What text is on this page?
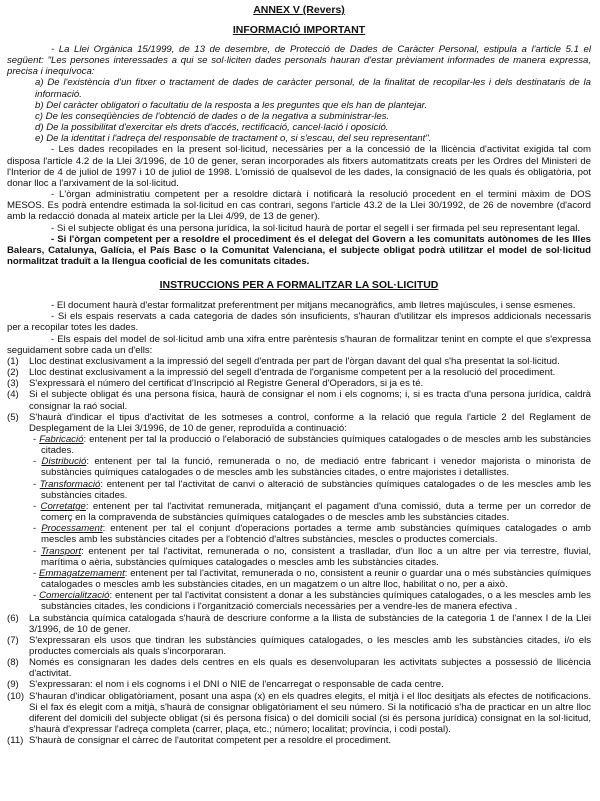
ANNEX V (Revers)

INFORMACIÓ IMPORTANT

- La Llei Orgànica 15/1999, de 13 de desembre, de Protecció de Dades de Caràcter Personal, estipula a l'article 5.1 el següent: "Les persones interessades a qui se sol·liciten dades personals hauran d'estar prèviament informades de manera expressa, precisa i inequívoca:

a) De l'existència d'un fitxer o tractament de dades de caràcter personal, de la finalitat de recopilar-les i dels destinataris de la informació.

b) Del caràcter obligatori o facultatiu de la resposta a les preguntes que els han de plantejar.

c) De les conseqüències de l'obtenció de dades o de la negativa a subministrar-les.

d) De la possibilitat d'exercitar els drets d'accés, rectificació, cancel·lació i oposició.

e) De la identitat i l'adreça del responsable de tractament o, si s'escau, del seu representant".

- Les dades recopilades en la present sol·licitud, necessàries per a la concessió de la llicència d'activitat exigida tal com disposa l'article 4.2 de la Llei 3/1996, de 10 de gener, seran incorporades als fitxers automatitzats creats per les Ordres del Ministeri de l'Interior de 4 de juliol de 1997 i 10 de juliol de 1998. L'omissió de qualsevol de les dades, la consignació de les quals és obligatòria, pot donar lloc a l'arxivament de la sol·licitud.

- L'òrgan administratiu competent per a resoldre dictarà i notificarà la resolució procedent en el termini màxim de DOS MESOS. Es podrà entendre estimada la sol·licitud en cas contrari, segons l'article 43.2 de la Llei 30/1992, de 26 de novembre (d'acord amb la redacció donada al mateix article per la Llei 4/99, de 13 de gener).

- Si el subjecte obligat és una persona jurídica, la sol·licitud haurà de portar el segell i ser firmada pel seu representant legal.

- Si l'òrgan competent per a resoldre el procediment és el delegat del Govern a les comunitats autònomes de les Illes Balears, Catalunya, Galícia, el País Basc o la Comunitat Valenciana, el subjecte obligat podrà utilitzar el model de sol·licitud normalitzat traduït a la llengua cooficial de les comunitats citades.

INSTRUCCIONS PER A FORMALITZAR LA SOL·LICITUD

- El document haurà d'estar formalitzat preferentment per mitjans mecanogràfics, amb lletres majúscules, i sense esmenes.

- Si els espais reservats a cada categoria de dades són insuficients, s'hauran d'utilitzar els impresos addicionals necessaris per a recopilar totes les dades.

- Els espais del model de sol·licitud amb una xifra entre parèntesis s'hauran de formalitzar tenint en compte el que s'expressa seguidament sobre cada un d'ells:

(1)	Lloc destinat exclusivament a la impressió del segell d'entrada per part de l'òrgan davant del qual s'ha presentat la sol·licitud.
(2)	Lloc destinat exclusivament a la impressió del segell d'entrada de l'organisme competent per a la resolució del procediment.
(3)	S'expressarà el número del certificat d'Inscripció al Registre General d'Operadors, si ja es té.
(4)	Si el subjecte obligat és una persona física, haurà de consignar el nom i els cognoms; i, si es tracta d'una persona jurídica, caldrà consignar la raó social.
(5)	S'haurà d'indicar el tipus d'activitat de les sotmeses a control, conforme a la relació que regula l'article 2 del Reglament de Desplegament de la Llei 3/1996, de 10 de gener, reproduïda a continuació:

- Fabricació: entenent per tal la producció o l'elaboració de substàncies químiques catalogades o de mescles amb les substàncies citades.

- Distribució: entenent per tal la funció, remunerada o no, de mediació entre fabricant i venedor majorista o minorista de substàncies químiques catalogades o de mescles amb les substàncies citades, o entre majoristes i detallistes.

- Transformació: entenent per tal l'activitat de canvi o alteració de substàncies químiques catalogades o de les mescles amb les substàncies citades.

- Corretatge: entenent per tal l'activitat remunerada, mitjançant el pagament d'una comissió, duta a terme per un corredor de comerç en la compravenda de substàncies químiques catalogades o de mescles amb les substàncies citades.

- Processament: entenent per tal el conjunt d'operacions portades a terme amb substàncies químiques catalogades o amb mescles amb les substàncies citades per a l'obtenció d'altres substàncies, mescles o productes comercials.

- Transport: entenent per tal l'activitat, remunerada o no, consistent a traslladar, d'un lloc a un altre per via terrestre, fluvial, marítima o aèria, substàncies químiques catalogades o mescles amb les substàncies citades.

- Emmagatzemament: entenent per tal l'activitat, remunerada o no, consistent a reunir o guardar una o més substàncies químiques catalogades o mescles amb les substàncies citades, en un magatzem o un altre lloc, habilitat o no, per a això.

- Comercialització: entenent per tal l'activitat consistent a donar a les substàncies químiques catalogades, o a les mescles amb les substàncies citades, les condicions i l'organització comercials necessàries per a vendre-les de manera efectiva .

(6)	La substància química catalogada s'haurà de descriure conforme a la llista de substàncies de la categoria 1 de l'annex I de la Llei 3/1996, de 10 de gener.
(7)	S'expressaran els usos que tindran les substàncies químiques catalogades, o les mescles amb les substàncies citades, i/o els productes comercials als quals s'incorporaran.
(8)	Només es consignaran les dades dels centres en els quals es desenvoluparan les activitats subjectes a possessió de llicència d'activitat.
(9)	S'expressaran: el nom i els cognoms i el DNI o NIE de l'encarregat o responsable de cada centre.
(10) S'hauran d'indicar obligatòriament, posant una aspa (x) en els quadres elegits, el mitjà i el lloc desitjats als efectes de notificacions. Si el fax és elegit com a mitjà, s'haurà de consignar obligatòriament el seu número. Si la notificació s'ha de practicar en un altre lloc diferent del domicili del subjecte obligat (si és persona física) o del domicili social (si és persona jurídica) consignat en la sol·licitud, s'haurà d'expressar l'adreça completa (carrer, plaça, etc.; número; localitat; província, i codi postal).
(11) S'haurà de consignar el càrrec de l'autoritat competent per a resoldre el procediment.
